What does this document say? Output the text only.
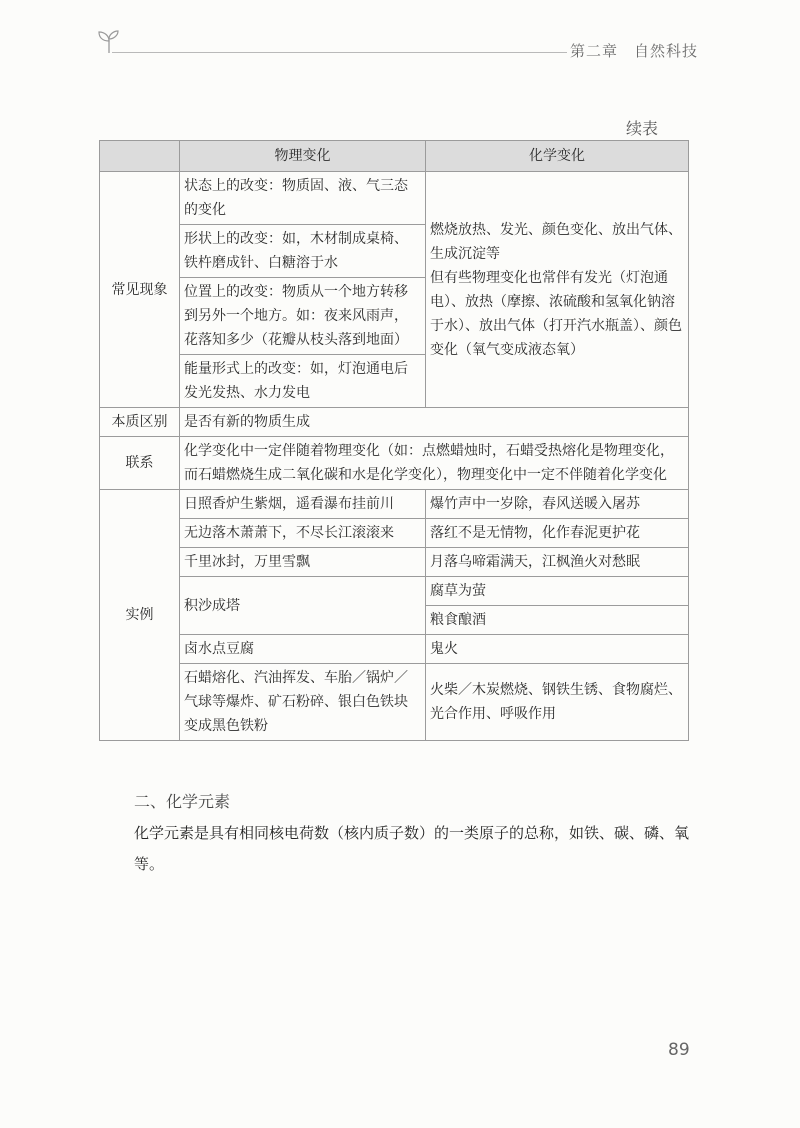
第二章　自然科技
续表
	物理变化	化学变化
常见现象	状态上的改变：物质固、液、气三态的变化	燃烧放热、发光、颜色变化、放出气体、生成沉淀等
但有些物理变化也常伴有发光（灯泡通电）、放热（摩擦、浓硫酸和氢氧化钠溶于水）、放出气体（打开汽水瓶盖）、颜色变化（氧气变成液态氧）
	形状上的改变：如，木材制成桌椅、铁杵磨成针、白糖溶于水	
	位置上的改变：物质从一个地方转移到另外一个地方。如：夜来风雨声，花落知多少（花瓣从枝头落到地面）	
	能量形式上的改变：如，灯泡通电后发光发热、水力发电	
本质区别	是否有新的物质生成	
联系	化学变化中一定伴随着物理变化（如：点燃蜡烛时，石蜡受热熔化是物理变化，而石蜡燃烧生成二氧化碳和水是化学变化），物理变化中一定不伴随着化学变化	
实例	日照香炉生紫烟，遥看瀑布挂前川	爆竹声中一岁除，春风送暖入屠苏
	无边落木萧萧下，不尽长江滚滚来	落红不是无情物，化作春泥更护花
	千里冰封，万里雪飘	月落乌啼霜满天，江枫渔火对愁眠
	积沙成塔	腐草为萤
		粮食酿酒
	卤水点豆腐	鬼火
	石蜡熔化、汽油挥发、车胎／锅炉／气球等爆炸、矿石粉碎、银白色铁块变成黑色铁粉	火柴／木炭燃烧、钢铁生锈、食物腐烂、光合作用、呼吸作用
二、化学元素

化学元素是具有相同核电荷数（核内质子数）的一类原子的总称，如铁、碳、磷、氧等。

89
